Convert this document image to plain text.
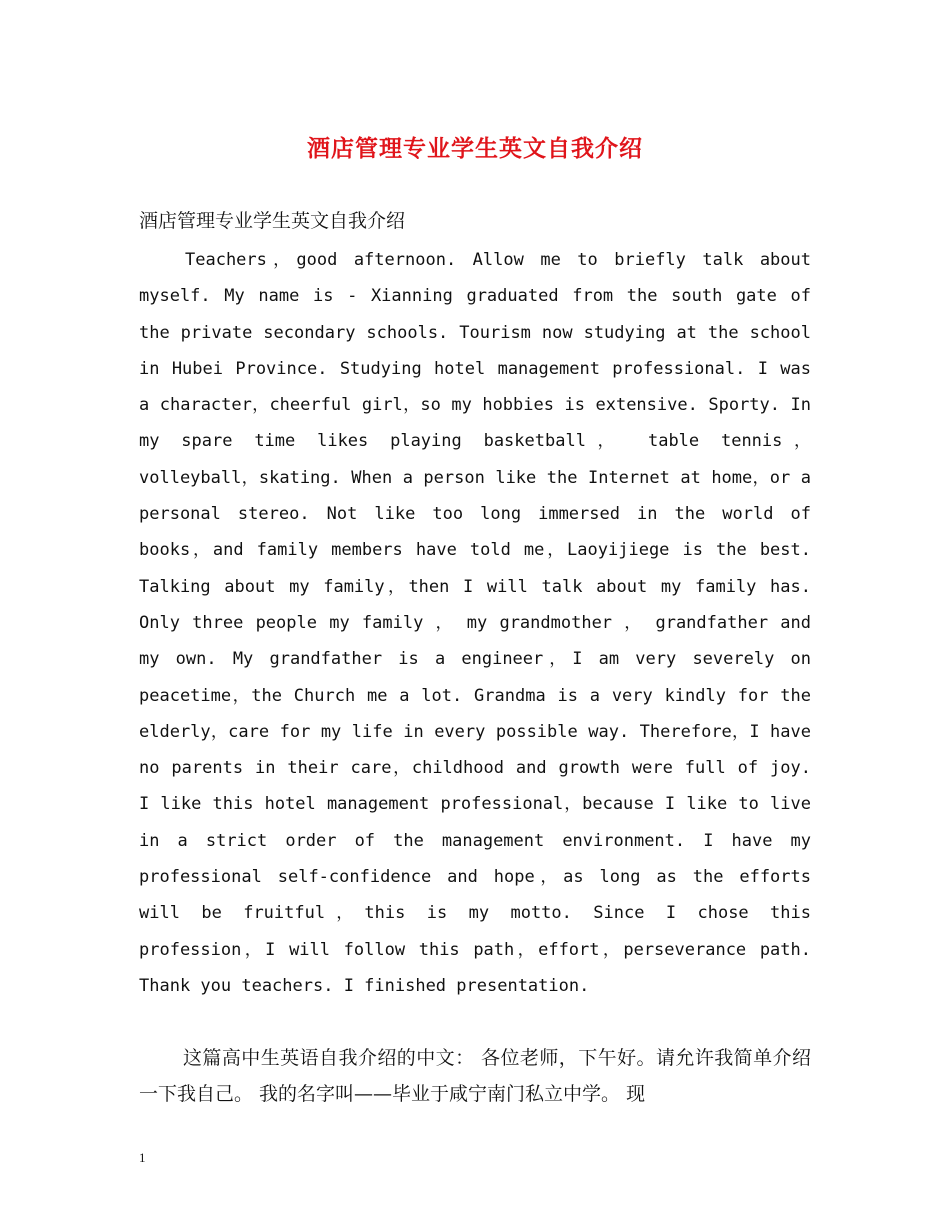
酒店管理专业学生英文自我介绍
酒店管理专业学生英文自我介绍
Teachers，good afternoon. Allow me to briefly talk about myself. My name is - Xianning graduated from the south gate of the private secondary schools. Tourism now studying at the school in Hubei Province. Studying hotel management professional. I was a character，cheerful girl，so my hobbies is extensive. Sporty. In my spare time likes playing basketball， table tennis，volleyball，skating. When a person like the Internet at home，or a personal stereo. Not like too long immersed in the world of books，and family members have told me，Laoyijiege is the best. Talking about my family，then I will talk about my family has. Only three people my family ， my grandmother ， grandfather and my own. My grandfather is a engineer，I am very severely on peacetime，the Church me a lot. Grandma is a very kindly for the elderly，care for my life in every possible way. Therefore，I have no parents in their care，childhood and growth were full of joy. I like this hotel management professional，because I like to live in a strict order of the management environment. I have my professional self-confidence and hope，as long as the efforts will be fruitful，this is my motto. Since I chose this profession，I will follow this path，effort，perseverance path. Thank you teachers. I finished presentation.
这篇高中生英语自我介绍的中文： 各位老师，下午好。请允许我简单介绍一下我自己。 我的名字叫——毕业于咸宁南门私立中学。 现
1
